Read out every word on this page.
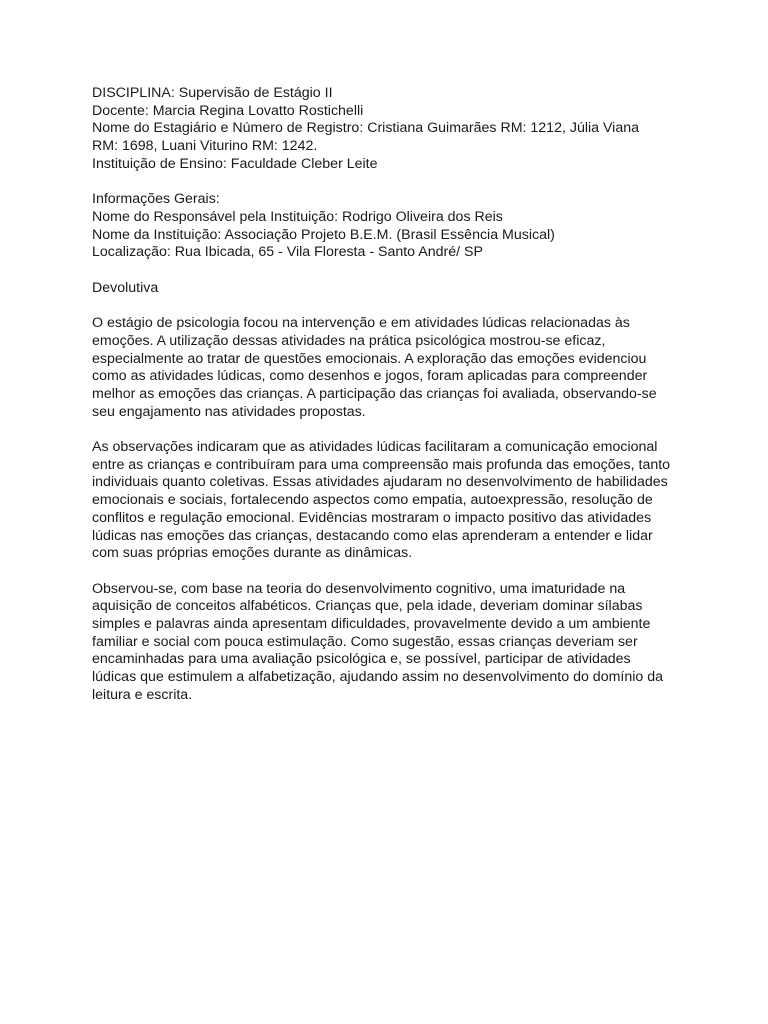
DISCIPLINA: Supervisão de Estágio II

Docente: Marcia Regina Lovatto Rostichelli

Nome do Estagiário e Número de Registro: Cristiana Guimarães RM: 1212, Júlia Viana

RM: 1698, Luani Viturino RM: 1242.

Instituição de Ensino: Faculdade Cleber Leite

Informações Gerais:

Nome do Responsável pela Instituição: Rodrigo Oliveira dos Reis

Nome da Instituição: Associação Projeto B.E.M. (Brasil Essência Musical)

Localização: Rua Ibicada, 65 - Vila Floresta - Santo André/ SP

Devolutiva

O estágio de psicologia focou na intervenção e em atividades lúdicas relacionadas às

emoções. A utilização dessas atividades na prática psicológica mostrou-se eficaz,

especialmente ao tratar de questões emocionais. A exploração das emoções evidenciou

como as atividades lúdicas, como desenhos e jogos, foram aplicadas para compreender

melhor as emoções das crianças. A participação das crianças foi avaliada, observando-se

seu engajamento nas atividades propostas.

As observações indicaram que as atividades lúdicas facilitaram a comunicação emocional

entre as crianças e contribuíram para uma compreensão mais profunda das emoções, tanto

individuais quanto coletivas. Essas atividades ajudaram no desenvolvimento de habilidades

emocionais e sociais, fortalecendo aspectos como empatia, autoexpressão, resolução de

conflitos e regulação emocional. Evidências mostraram o impacto positivo das atividades

lúdicas nas emoções das crianças, destacando como elas aprenderam a entender e lidar

com suas próprias emoções durante as dinâmicas.

Observou-se, com base na teoria do desenvolvimento cognitivo, uma imaturidade na

aquisição de conceitos alfabéticos. Crianças que, pela idade, deveriam dominar sílabas

simples e palavras ainda apresentam dificuldades, provavelmente devido a um ambiente

familiar e social com pouca estimulação. Como sugestão, essas crianças deveriam ser

encaminhadas para uma avaliação psicológica e, se possível, participar de atividades

lúdicas que estimulem a alfabetização, ajudando assim no desenvolvimento do domínio da

leitura e escrita.
